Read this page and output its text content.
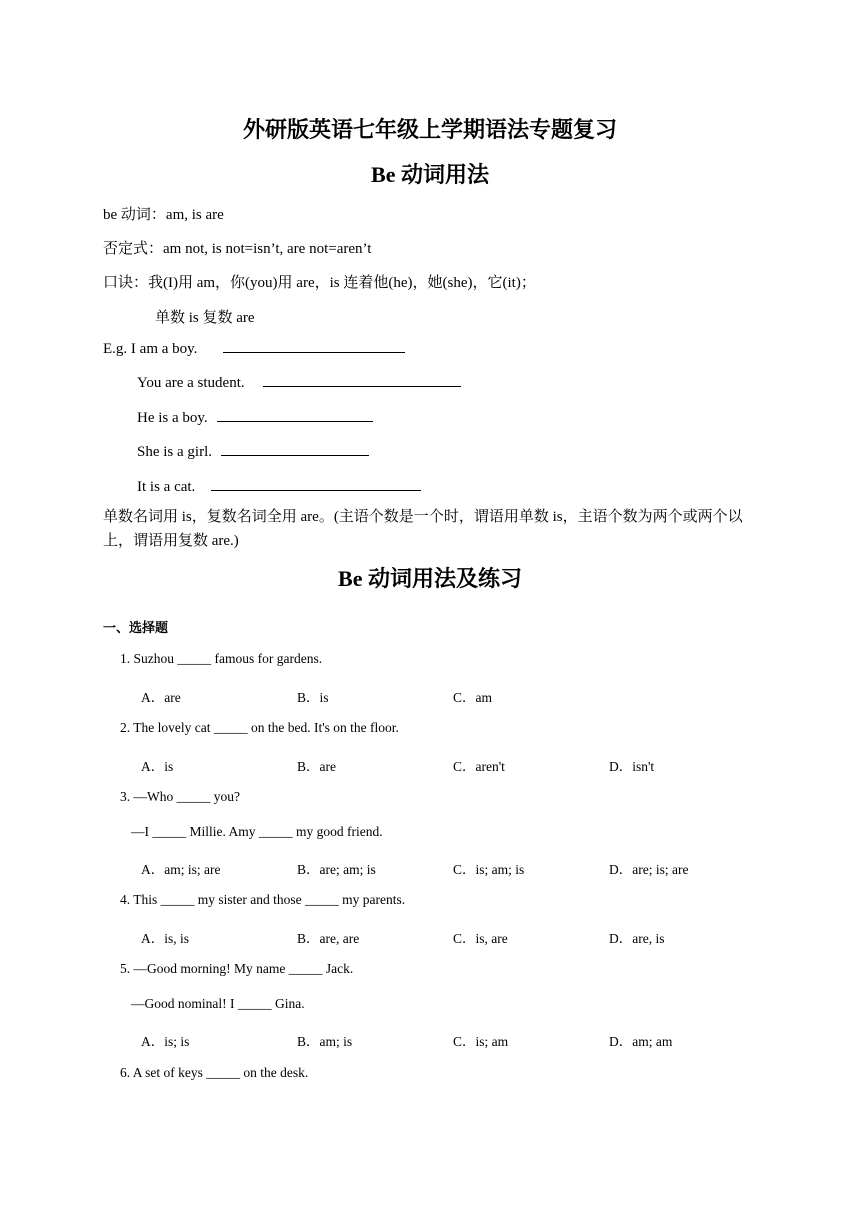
外研版英语七年级上学期语法专题复习
Be 动词用法
be 动词：am, is are
否定式：am not, is not=isn’t, are not=aren’t
口诀：我(I)用 am，你(you)用 are，is 连着他(he)，她(she)，它(it)；
单数 is 复数 are
E.g. I am a boy.
You are a student.
He is a boy.
She is a girl.
It is a cat.
单数名词用 is，复数名词全用 are。(主语个数是一个时，谓语用单数 is，主语个数为两个或两个以上，谓语用复数 are.)
Be 动词用法及练习
一、选择题
1. Suzhou _____ famous for gardens.
A．are	B．is	C．am
2. The lovely cat _____ on the bed. It's on the floor.
A．is	B．are	C．aren't	D．isn't
3. —Who _____ you?
—I _____ Millie. Amy _____ my good friend.
A．am; is; are	B．are; am; is	C．is; am; is	D．are; is; are
4. This _____ my sister and those _____ my parents.
A．is, is	B．are, are	C．is, are	D．are, is
5. —Good morning! My name _____ Jack.
—Good nominal! I _____ Gina.
A．is; is	B．am; is	C．is; am	D．am; am
6. A set of keys _____ on the desk.
